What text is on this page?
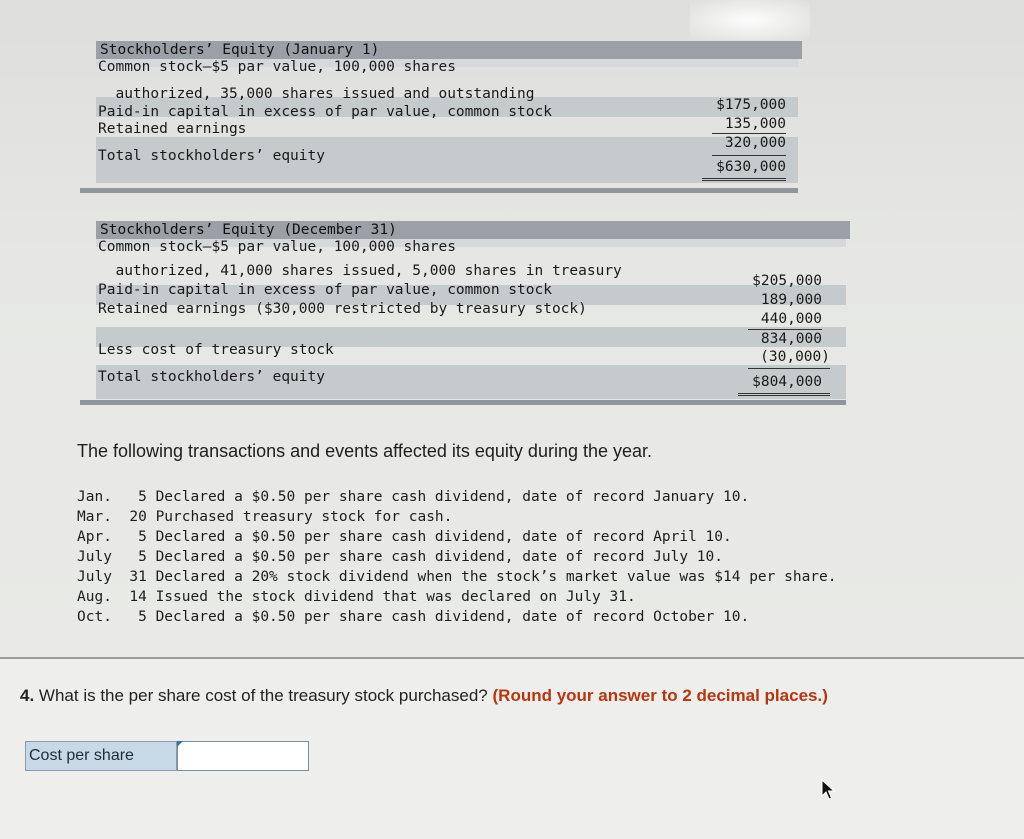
Stockholders’ Equity (January 1)
Common stock—$5 par value, 100,000 shares
authorized, 35,000 shares issued and outstanding
Paid-in capital in excess of par value, common stock
Retained earnings
Total stockholders’ equity
$175,000
135,000
320,000
$630,000
Stockholders’ Equity (December 31)
Common stock—$5 par value, 100,000 shares
authorized, 41,000 shares issued, 5,000 shares in treasury
Paid-in capital in excess of par value, common stock
Retained earnings ($30,000 restricted by treasury stock)
Less cost of treasury stock
Total stockholders’ equity
$205,000
189,000
440,000
834,000
(30,000)
$804,000
The following transactions and events affected its equity during the year.
Jan.   5 Declared a $0.50 per share cash dividend, date of record January 10.
Mar.  20 Purchased treasury stock for cash.
Apr.   5 Declared a $0.50 per share cash dividend, date of record April 10.
July   5 Declared a $0.50 per share cash dividend, date of record July 10.
July  31 Declared a 20% stock dividend when the stock’s market value was $14 per share.
Aug.  14 Issued the stock dividend that was declared on July 31.
Oct.   5 Declared a $0.50 per share cash dividend, date of record October 10.
4. What is the per share cost of the treasury stock purchased? (Round your answer to 2 decimal places.)
Cost per share
